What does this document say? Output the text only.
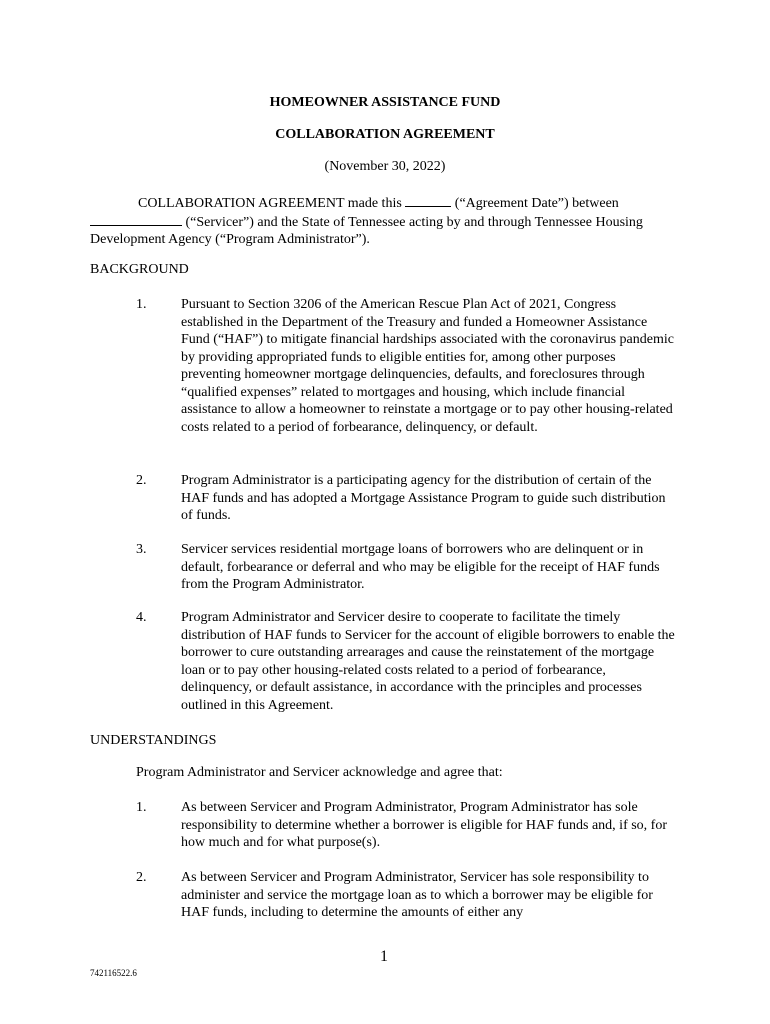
HOMEOWNER ASSISTANCE FUND
COLLABORATION AGREEMENT
(November 30, 2022)
COLLABORATION AGREEMENT made this	(“Agreement Date”) between
(“Servicer”) and the State of Tennessee acting by and through Tennessee Housing Development Agency (“Program Administrator”).
BACKGROUND
1. Pursuant to Section 3206 of the American Rescue Plan Act of 2021, Congress established in the Department of the Treasury and funded a Homeowner Assistance Fund (“HAF”) to mitigate financial hardships associated with the coronavirus pandemic by providing appropriated funds to eligible entities for, among other purposes preventing homeowner mortgage delinquencies, defaults, and foreclosures through “qualified expenses” related to mortgages and housing, which include financial assistance to allow a homeowner to reinstate a mortgage or to pay other housing-related costs related to a period of forbearance, delinquency, or default.
2. Program Administrator is a participating agency for the distribution of certain of the HAF funds and has adopted a Mortgage Assistance Program to guide such distribution of funds.
3. Servicer services residential mortgage loans of borrowers who are delinquent or in default, forbearance or deferral and who may be eligible for the receipt of HAF funds from the Program Administrator.
4. Program Administrator and Servicer desire to cooperate to facilitate the timely distribution of HAF funds to Servicer for the account of eligible borrowers to enable the borrower to cure outstanding arrearages and cause the reinstatement of the mortgage loan or to pay other housing-related costs related to a period of forbearance, delinquency, or default assistance, in accordance with the principles and processes outlined in this Agreement.
UNDERSTANDINGS
Program Administrator and Servicer acknowledge and agree that:
1. As between Servicer and Program Administrator, Program Administrator has sole responsibility to determine whether a borrower is eligible for HAF funds and, if so, for how much and for what purpose(s).
2. As between Servicer and Program Administrator, Servicer has sole responsibility to administer and service the mortgage loan as to which a borrower may be eligible for HAF funds, including to determine the amounts of either any
1
742116522.6
